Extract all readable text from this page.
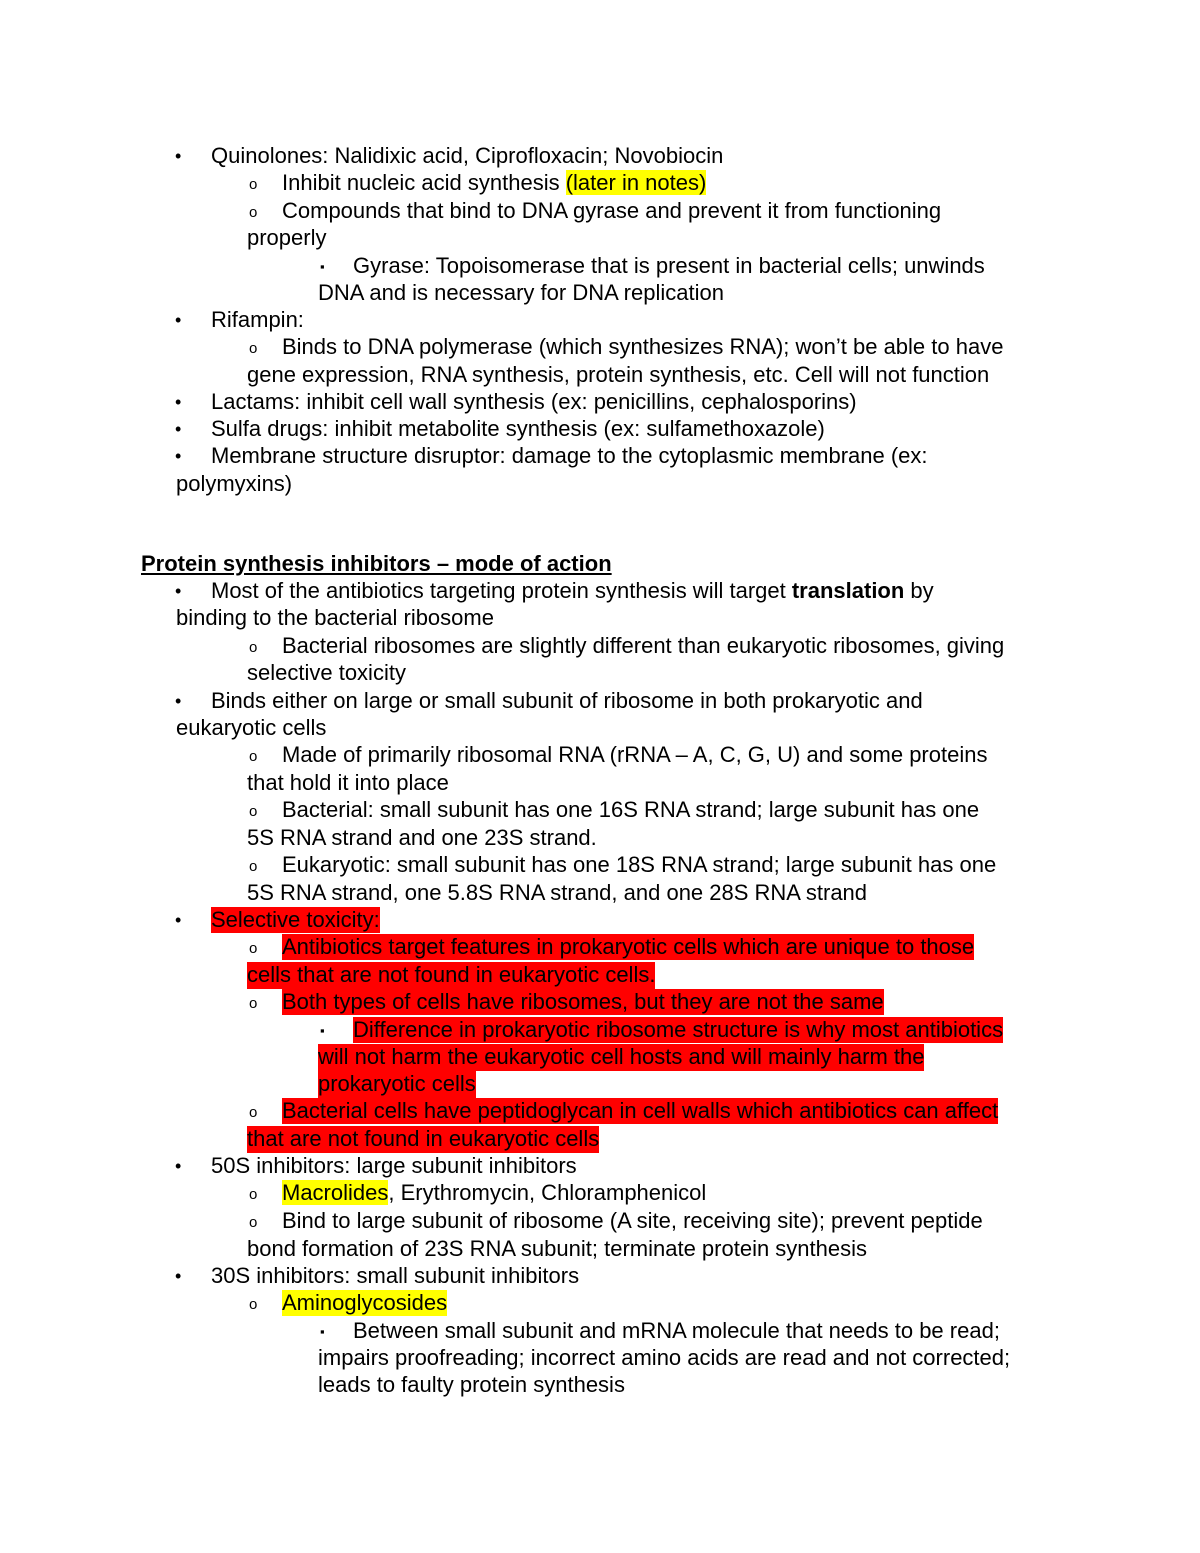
• Quinolones: Nalidixic acid, Ciprofloxacin; Novobiocin
o Inhibit nucleic acid synthesis (later in notes)
o Compounds that bind to DNA gyrase and prevent it from functioning
properly
▪ Gyrase: Topoisomerase that is present in bacterial cells; unwinds
DNA and is necessary for DNA replication
• Rifampin:
o Binds to DNA polymerase (which synthesizes RNA); won’t be able to have
gene expression, RNA synthesis, protein synthesis, etc. Cell will not function
• Lactams: inhibit cell wall synthesis (ex: penicillins, cephalosporins)
• Sulfa drugs: inhibit metabolite synthesis (ex: sulfamethoxazole)
• Membrane structure disruptor: damage to the cytoplasmic membrane (ex:
polymyxins)
Protein synthesis inhibitors – mode of action
• Most of the antibiotics targeting protein synthesis will target translation by
binding to the bacterial ribosome
o Bacterial ribosomes are slightly different than eukaryotic ribosomes, giving
selective toxicity
• Binds either on large or small subunit of ribosome in both prokaryotic and
eukaryotic cells
o Made of primarily ribosomal RNA (rRNA – A, C, G, U) and some proteins
that hold it into place
o Bacterial: small subunit has one 16S RNA strand; large subunit has one
5S RNA strand and one 23S strand.
o Eukaryotic: small subunit has one 18S RNA strand; large subunit has one
5S RNA strand, one 5.8S RNA strand, and one 28S RNA strand
• Selective toxicity:
o Antibiotics target features in prokaryotic cells which are unique to those
cells that are not found in eukaryotic cells.
o Both types of cells have ribosomes, but they are not the same
▪ Difference in prokaryotic ribosome structure is why most antibiotics
will not harm the eukaryotic cell hosts and will mainly harm the
prokaryotic cells
o Bacterial cells have peptidoglycan in cell walls which antibiotics can affect
that are not found in eukaryotic cells
• 50S inhibitors: large subunit inhibitors
o Macrolides, Erythromycin, Chloramphenicol
o Bind to large subunit of ribosome (A site, receiving site); prevent peptide
bond formation of 23S RNA subunit; terminate protein synthesis
• 30S inhibitors: small subunit inhibitors
o Aminoglycosides
▪ Between small subunit and mRNA molecule that needs to be read;
impairs proofreading; incorrect amino acids are read and not corrected;
leads to faulty protein synthesis
